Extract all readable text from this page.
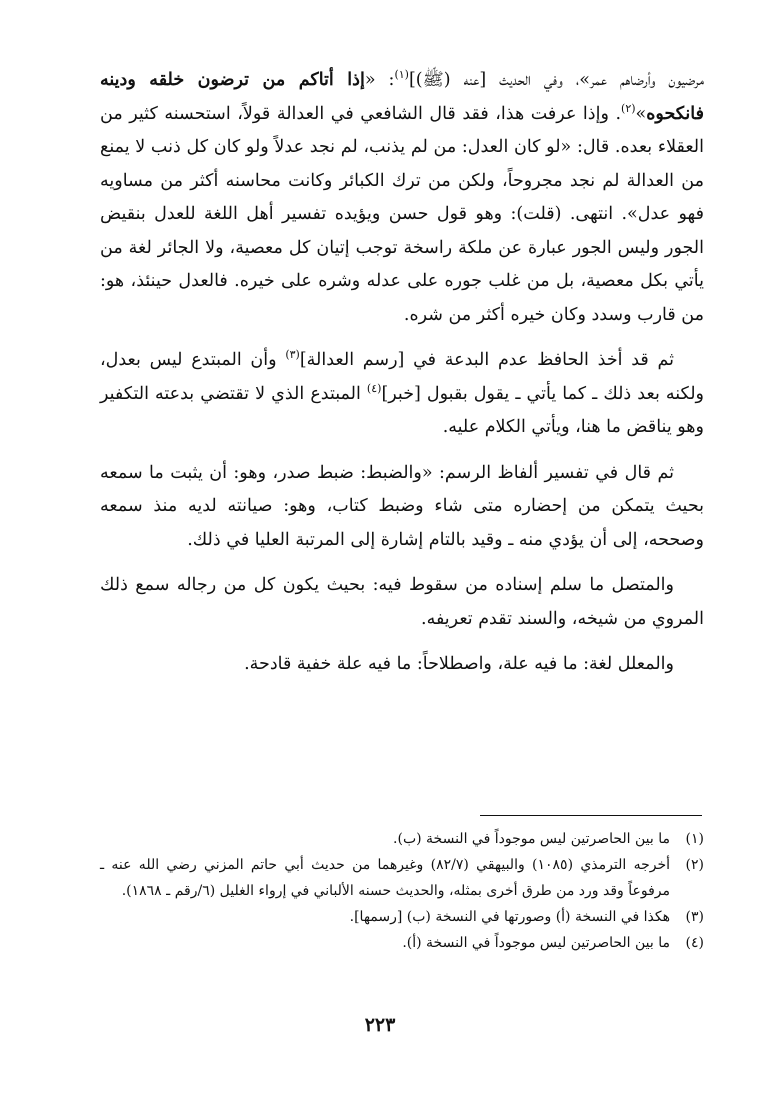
مرضيون وأرضاهم عمر»، وفي الحديث [عنه (ﷺ)]$^{(١)}$: «إذا أتاكم من ترضون خلقه ودينه فانكحوه»$^{(٢)}$. وإذا عرفت هذا، فقد قال الشافعي في العدالة قولاً، استحسنه كثير من العقلاء بعده. قال: «لو كان العدل: من لم يذنب، لم نجد عدلاً ولو كان كل ذنب لا يمنع من العدالة لم نجد مجروحاً، ولكن من ترك الكبائر وكانت محاسنه أكثر من مساويه فهو عدل». انتهى. (قلت): وهو قول حسن ويؤيده تفسير أهل اللغة للعدل بنقيض الجور وليس الجور عبارة عن ملكة راسخة توجب إتيان كل معصية، ولا الجائر لغة من يأتي بكل معصية، بل من غلب جوره على عدله وشره على خيره. فالعدل حينئذ، هو: من قارب وسدد وكان خيره أكثر من شره.

ثم قد أخذ الحافظ عدم البدعة في [رسم العدالة]$^{(٣)}$ وأن المبتدع ليس بعدل، ولكنه بعد ذلك ـ كما يأتي ـ يقول بقبول [خبر]$^{(٤)}$ المبتدع الذي لا تقتضي بدعته التكفير وهو يناقض ما هنا، ويأتي الكلام عليه.

ثم قال في تفسير ألفاظ الرسم: «والضبط: ضبط صدر، وهو: أن يثبت ما سمعه بحيث يتمكن من إحضاره متى شاء وضبط كتاب، وهو: صيانته لديه منذ سمعه وصححه، إلى أن يؤدي منه ـ وقيد بالتام إشارة إلى المرتبة العليا في ذلك.

والمتصل ما سلم إسناده من سقوط فيه: بحيث يكون كل من رجاله سمع ذلك المروي من شيخه، والسند تقدم تعريفه.

والمعلل لغة: ما فيه علة، واصطلاحاً: ما فيه علة خفية قادحة.

(١)
ما بين الحاصرتين ليس موجوداً في النسخة (ب).
(٢)
أخرجه الترمذي (١٠٨٥) والبيهقي (٨٢/٧) وغيرهما من حديث أبي حاتم المزني رضي الله عنه ـ مرفوعاً وقد ورد من طرق أخرى بمثله، والحديث حسنه الألباني في إرواء الغليل (٦/رقم ـ ١٨٦٨).
(٣)
هكذا في النسخة (أ) وصورتها في النسخة (ب) [رسمها].
(٤)
ما بين الحاصرتين ليس موجوداً في النسخة (أ).
٢٢٣
